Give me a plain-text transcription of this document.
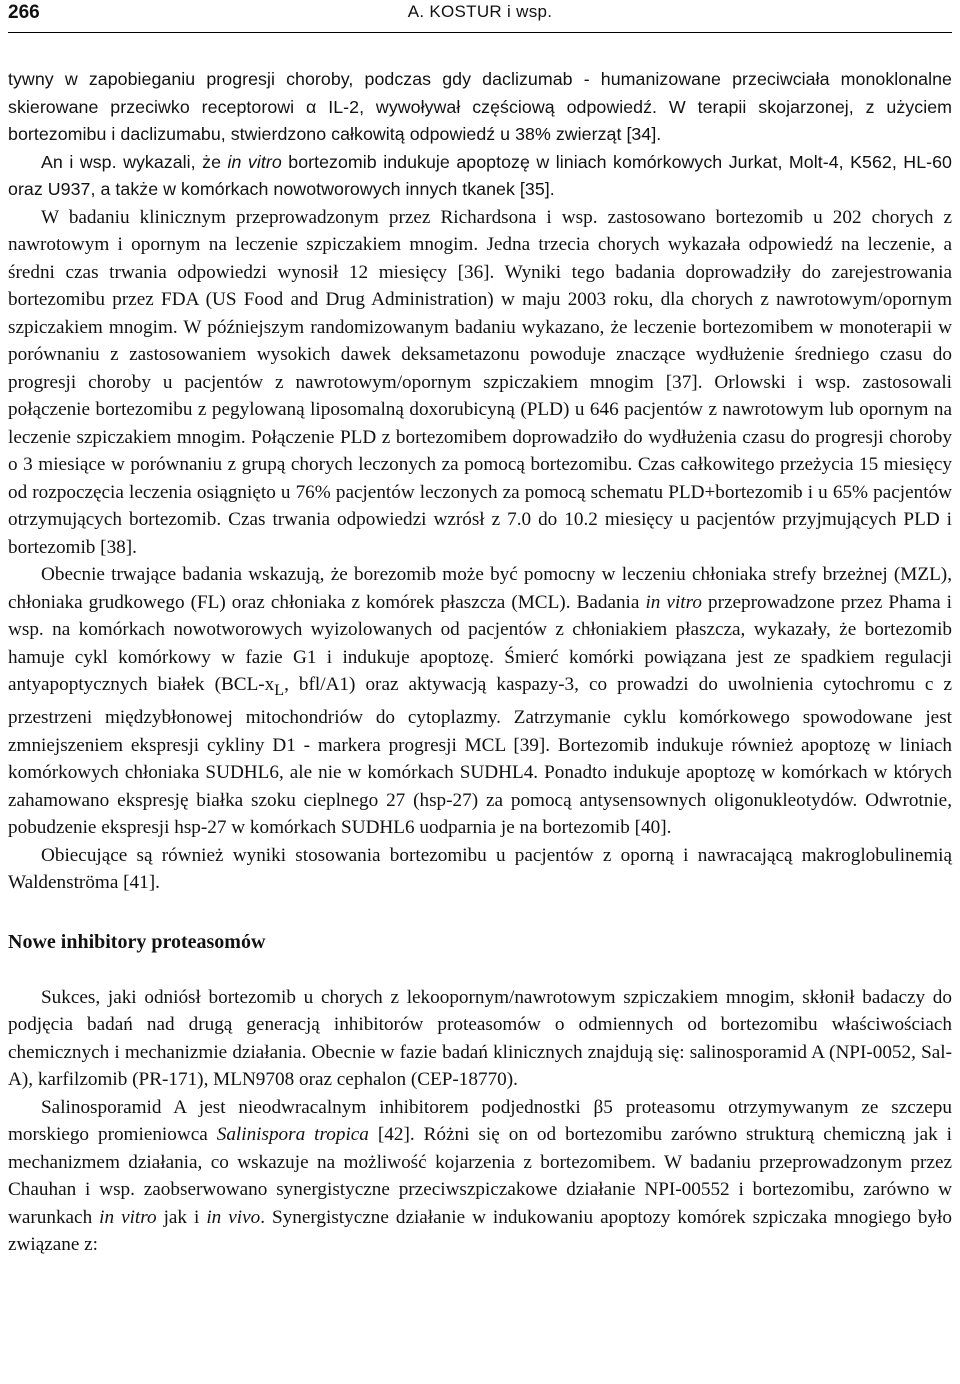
266	A. KOSTUR i wsp.

tywny w zapobieganiu progresji choroby, podczas gdy daclizumab - humanizowane przeciwciała monoklonalne skierowane przeciwko receptorowi α IL-2, wywoływał częściową odpowiedź. W terapii skojarzonej, z użyciem bortezomibu i daclizumabu, stwierdzono całkowitą odpowiedź u 38% zwierząt [34].

An i wsp. wykazali, że in vitro bortezomib indukuje apoptozę w liniach komórkowych Jurkat, Molt-4, K562, HL-60 oraz U937, a także w komórkach nowotworowych innych tkanek [35].

W badaniu klinicznym przeprowadzonym przez Richardsona i wsp. zastosowano bortezomib u 202 chorych z nawrotowym i opornym na leczenie szpiczakiem mnogim. Jedna trzecia chorych wykazała odpowiedź na leczenie, a średni czas trwania odpowiedzi wynosił 12 miesięcy [36]. Wyniki tego badania doprowadziły do zarejestrowania bortezomibu przez FDA (US Food and Drug Administration) w maju 2003 roku, dla chorych z nawrotowym/opornym szpiczakiem mnogim. W późniejszym randomizowanym badaniu wykazano, że leczenie bortezomibem w monoterapii w porównaniu z zastosowaniem wysokich dawek deksametazonu powoduje znaczące wydłużenie średniego czasu do progresji choroby u pacjentów z nawrotowym/opornym szpiczakiem mnogim [37]. Orlowski i wsp. zastosowali połączenie bortezomibu z pegylowaną liposomalną doxorubicyną (PLD) u 646 pacjentów z nawrotowym lub opornym na leczenie szpiczakiem mnogim. Połączenie PLD z bortezomibem doprowadziło do wydłużenia czasu do progresji choroby o 3 miesiące w porównaniu z grupą chorych leczonych za pomocą bortezomibu. Czas całkowitego przeżycia 15 miesięcy od rozpoczęcia leczenia osiągnięto u 76% pacjentów leczonych za pomocą schematu PLD+bortezomib i u 65% pacjentów otrzymujących bortezomib. Czas trwania odpowiedzi wzrósł z 7.0 do 10.2 miesięcy u pacjentów przyjmujących PLD i bortezomib [38].

Obecnie trwające badania wskazują, że borezomib może być pomocny w leczeniu chłoniaka strefy brzeżnej (MZL), chłoniaka grudkowego (FL) oraz chłoniaka z komórek płaszcza (MCL). Badania in vitro przeprowadzone przez Phama i wsp. na komórkach nowotworowych wyizolowanych od pacjentów z chłoniakiem płaszcza, wykazały, że bortezomib hamuje cykl komórkowy w fazie G1 i indukuje apoptozę. Śmierć komórki powiązana jest ze spadkiem regulacji antyapoptycznych białek ($BCL-x_L$, bfl/A1) oraz aktywacją kaspazy-3, co prowadzi do uwolnienia cytochromu c z przestrzeni międzybłonowej mitochondriów do cytoplazmy. Zatrzymanie cyklu komórkowego spowodowane jest zmniejszeniem ekspresji cykliny D1 - markera progresji MCL [39]. Bortezomib indukuje również apoptozę w liniach komórkowych chłoniaka SUDHL6, ale nie w komórkach SUDHL4. Ponadto indukuje apoptozę w komórkach w których zahamowano ekspresję białka szoku cieplnego 27 (hsp-27) za pomocą antysensownych oligonukleotydów. Odwrotnie, pobudzenie ekspresji hsp-27 w komórkach SUDHL6 uodparnia je na bortezomib [40].

Obiecujące są również wyniki stosowania bortezomibu u pacjentów z oporną i nawracającą makroglobulinemią Waldenströma [41].

Nowe inhibitory proteasomów

Sukces, jaki odniósł bortezomib u chorych z lekoopornym/nawrotowym szpiczakiem mnogim, skłonił badaczy do podjęcia badań nad drugą generacją inhibitorów proteasomów o odmiennych od bortezomibu właściwościach chemicznych i mechanizmie działania. Obecnie w fazie badań klinicznych znajdują się: salinosporamid A (NPI-0052, Sal-A), karfilzomib (PR-171), MLN9708 oraz cephalon (CEP-18770).

Salinosporamid A jest nieodwracalnym inhibitorem podjednostki β5 proteasomu otrzymywanym ze szczepu morskiego promieniowca Salinispora tropica [42]. Różni się on od bortezomibu zarówno strukturą chemiczną jak i mechanizmem działania, co wskazuje na możliwość kojarzenia z bortezomibem. W badaniu przeprowadzonym przez Chauhan i wsp. zaobserwowano synergistyczne przeciwszpiczakowe działanie NPI-00552 i bortezomibu, zarówno w warunkach in vitro jak i in vivo. Synergistyczne działanie w indukowaniu apoptozy komórek szpiczaka mnogiego było związane z:
